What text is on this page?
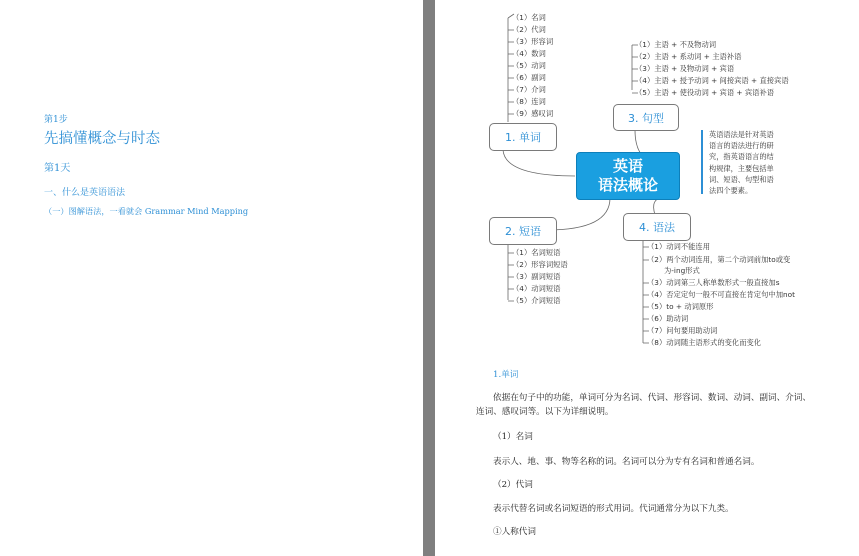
第1步
先搞懂概念与时态
第1天
一、什么是英语语法
（一）图解语法，一看就会 Grammar Mind Mapping
（1）名词
（2）代词
（3）形容词
（4）数词
（5）动词
（6）副词
（7）介词
（8）连词
（9）感叹词
（1）主语 + 不及物动词
（2）主语 + 系动词 + 主语补语
（3）主语 + 及物动词 + 宾语
（4）主语 + 授予动词 + 间接宾语 + 直接宾语
（5）主语 + 使役动词 + 宾语 + 宾语补语
1. 单词
3. 句型
2. 短语	4. 语法
英语
语法概论
英语语法是针对英语
语言的语法进行的研
究，指英语语言的结
构规律，主要包括单
词、短语、句型和语
法四个要素。
（1）名词短语
（2）形容词短语
（3）副词短语
（4）动词短语
（5）介词短语
（1）动词不能连用
（2）两个动词连用，第二个动词前加to或变
为-ing形式
（3）动词第三人称单数形式一般直接加s
（4）否定定句一般不可直接在肯定句中加not
（5）to + 动词原形
（6）助动词
（7）问句要用助动词
（8）动词随主语形式的变化而变化
1.单词
依据在句子中的功能，单词可分为名词、代词、形容词、数词、动词、副词、介词、
连词、感叹词等。以下为详细说明。
（1）名词
表示人、地、事、物等名称的词。名词可以分为专有名词和普通名词。
（2）代词
表示代替名词或名词短语的形式用词。代词通常分为以下九类。
①人称代词
